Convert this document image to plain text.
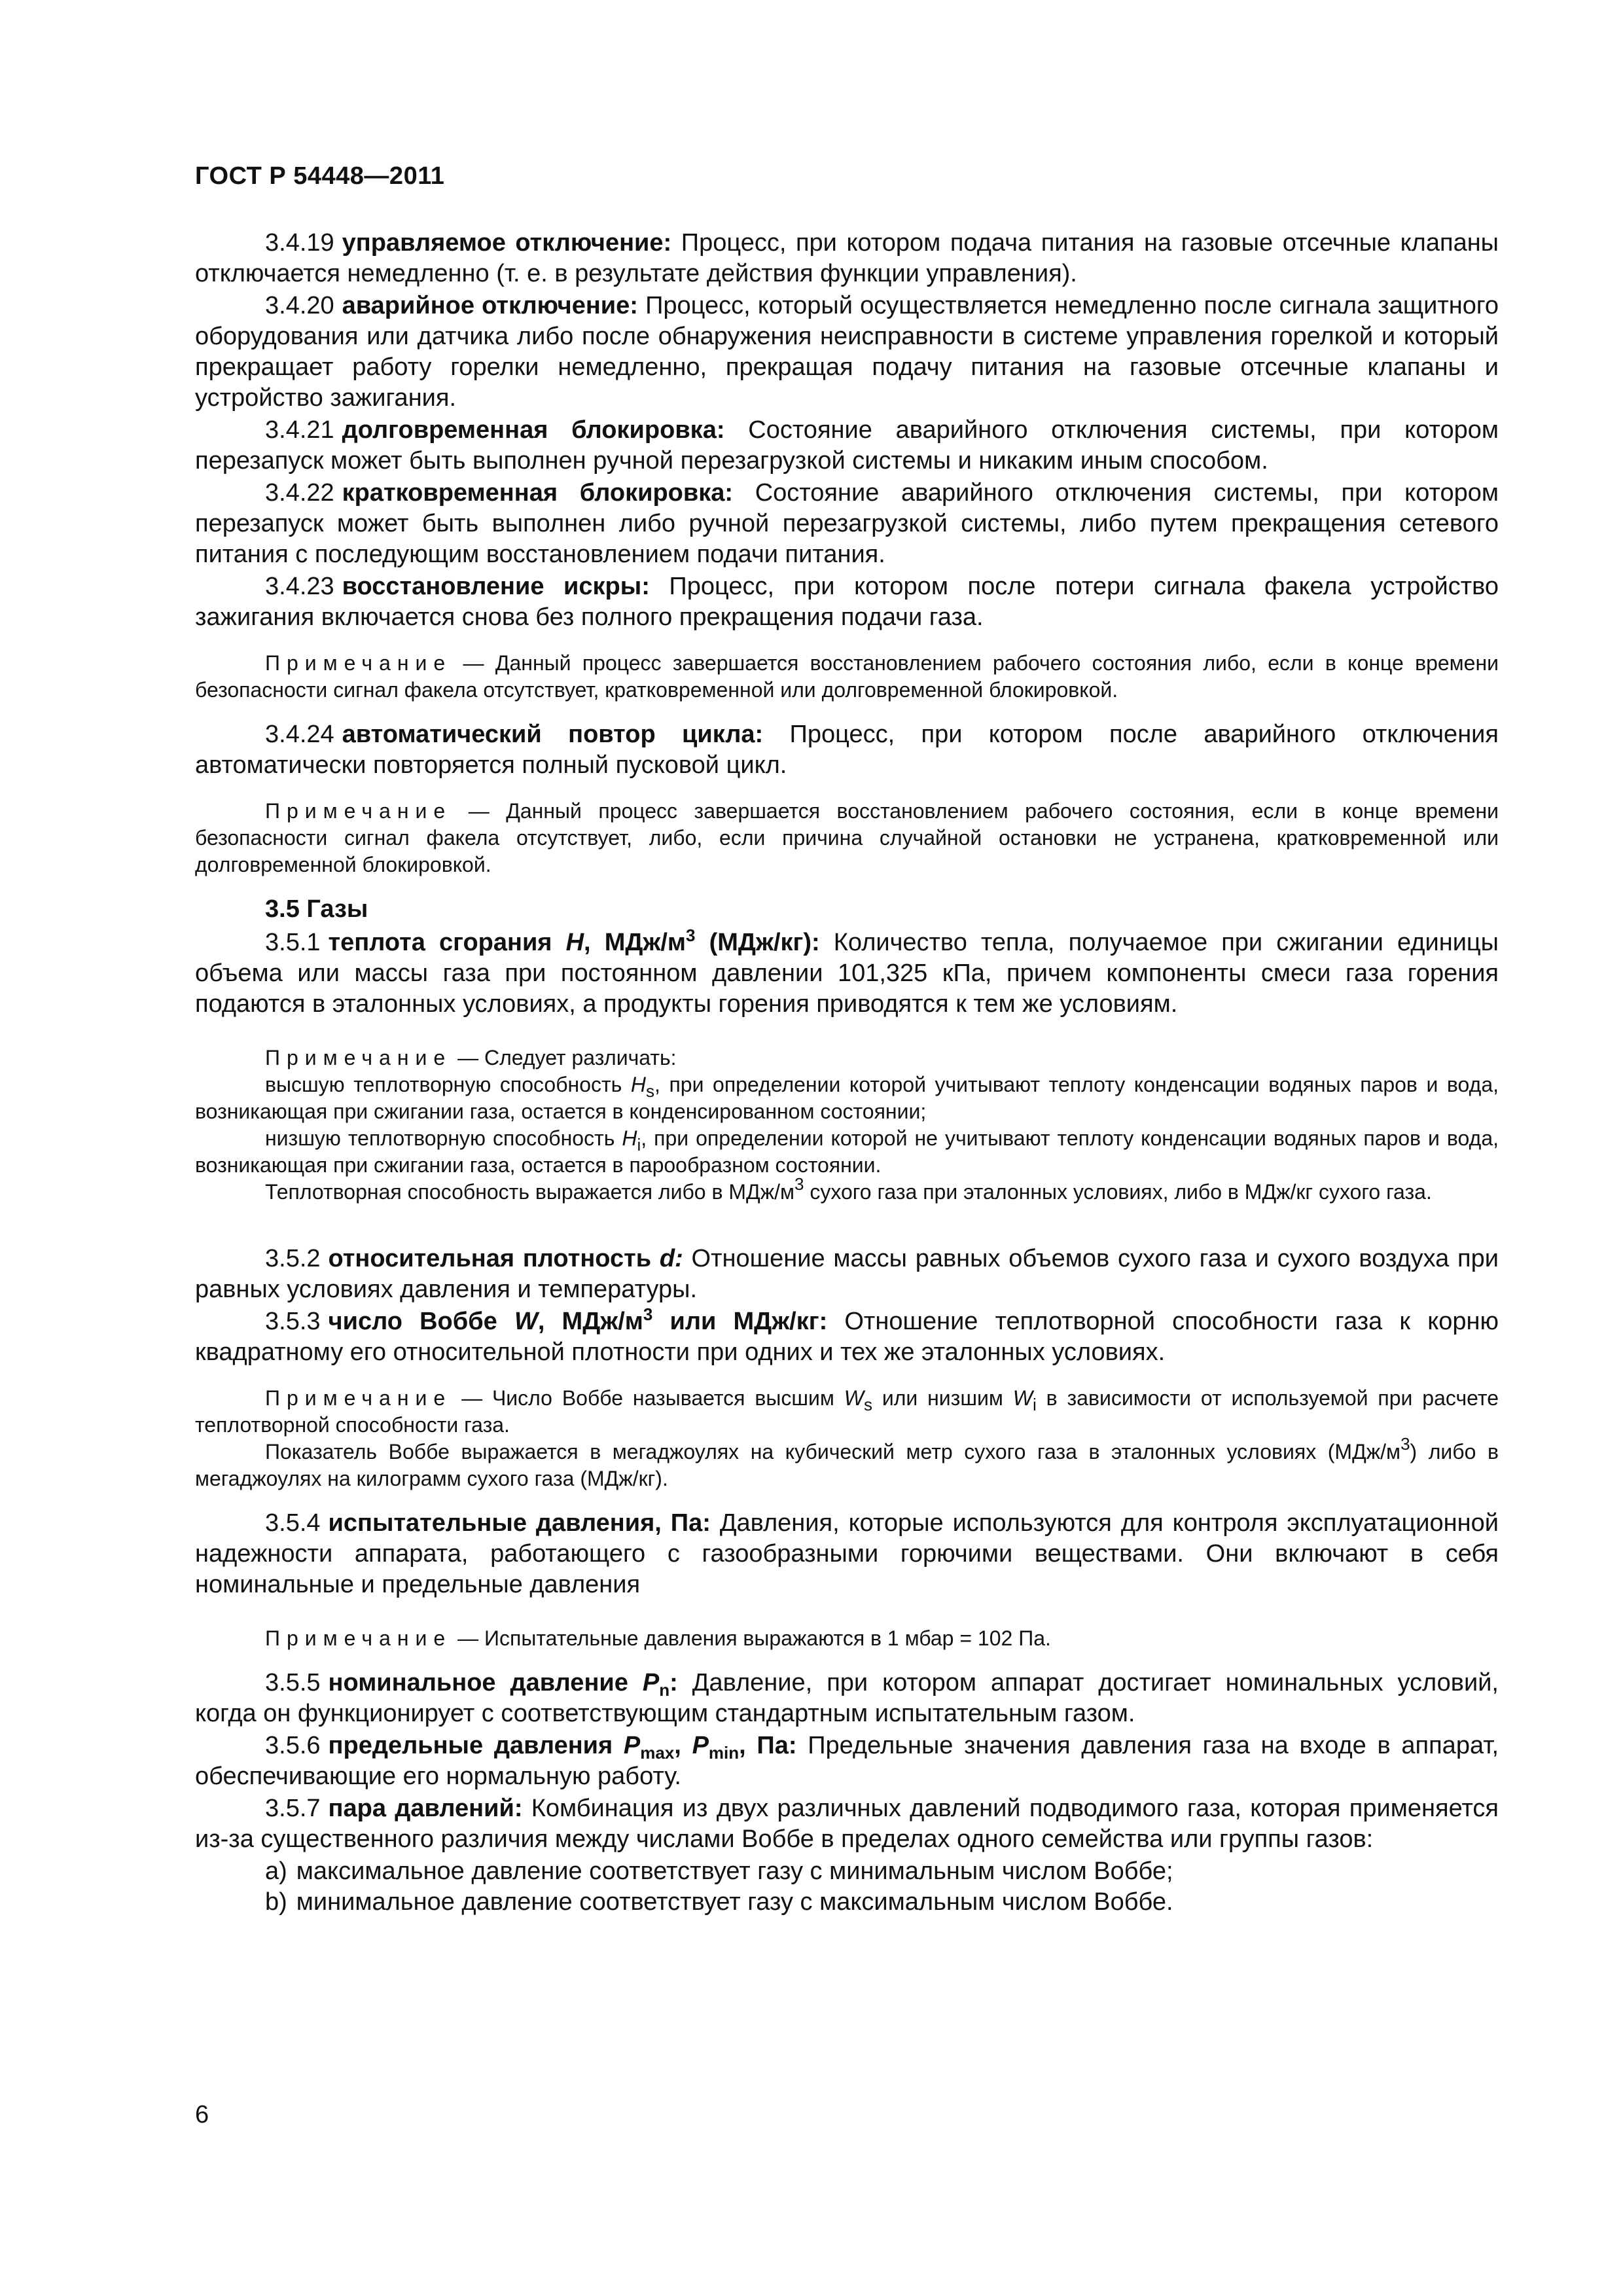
ГОСТ Р 54448—2011

3.4.19 управляемое отключение: Процесс, при котором подача питания на газовые отсечные клапаны отключается немедленно (т. е. в результате действия функции управления).

3.4.20 аварийное отключение: Процесс, который осуществляется немедленно после сигнала защитного оборудования или датчика либо после обнаружения неисправности в системе управления горелкой и который прекращает работу горелки немедленно, прекращая подачу питания на газовые отсечные клапаны и устройство зажигания.

3.4.21 долговременная блокировка: Состояние аварийного отключения системы, при котором перезапуск может быть выполнен ручной перезагрузкой системы и никаким иным способом.

3.4.22 кратковременная блокировка: Состояние аварийного отключения системы, при котором перезапуск может быть выполнен либо ручной перезагрузкой системы, либо путем прекращения сетевого питания с последующим восстановлением подачи питания.

3.4.23 восстановление искры: Процесс, при котором после потери сигнала факела устройство зажигания включается снова без полного прекращения подачи газа.

Примечание — Данный процесс завершается восстановлением рабочего состояния либо, если в конце времени безопасности сигнал факела отсутствует, кратковременной или долговременной блокировкой.

3.4.24 автоматический повтор цикла: Процесс, при котором после аварийного отключения автоматически повторяется полный пусковой цикл.

Примечание — Данный процесс завершается восстановлением рабочего состояния, если в конце времени безопасности сигнал факела отсутствует, либо, если причина случайной остановки не устранена, кратковременной или долговременной блокировкой.

3.5 Газы

3.5.1 теплота сгорания H, МДж/$м^3$ (МДж/кг): Количество тепла, получаемое при сжигании единицы объема или массы газа при постоянном давлении 101,325 кПа, причем компоненты смеси газа горения подаются в эталонных условиях, а продукты горения приводятся к тем же условиям.

Примечание — Следует различать:

высшую теплотворную способность $H_s$, при определении которой учитывают теплоту конденсации водяных паров и вода, возникающая при сжигании газа, остается в конденсированном состоянии;

низшую теплотворную способность $H_i$, при определении которой не учитывают теплоту конденсации водяных паров и вода, возникающая при сжигании газа, остается в парообразном состоянии.

Теплотворная способность выражается либо в МДж/$м^3$ сухого газа при эталонных условиях, либо в МДж/кг сухого газа.

3.5.2 относительная плотность d: Отношение массы равных объемов сухого газа и сухого воздуха при равных условиях давления и температуры.

3.5.3 число Воббе W, МДж/$м^3$ или МДж/кг: Отношение теплотворной способности газа к корню квадратному его относительной плотности при одних и тех же эталонных условиях.

Примечание — Число Воббе называется высшим $W_s$ или низшим $W_i$ в зависимости от используемой при расчете теплотворной способности газа.

Показатель Воббе выражается в мегаджоулях на кубический метр сухого газа в эталонных условиях $(МДж/м^3)$ либо в мегаджоулях на килограмм сухого газа (МДж/кг).

3.5.4 испытательные давления, Па: Давления, которые используются для контроля эксплуатационной надежности аппарата, работающего с газообразными горючими веществами. Они включают в себя номинальные и предельные давления

Примечание — Испытательные давления выражаются в 1 мбар = 102 Па.

3.5.5 номинальное давление $P_n$: Давление, при котором аппарат достигает номинальных условий, когда он функционирует с соответствующим стандартным испытательным газом.

3.5.6 предельные давления $P_{max}$, $P_{min}$, Па: Предельные значения давления газа на входе в аппарат, обеспечивающие его нормальную работу.

3.5.7 пара давлений: Комбинация из двух различных давлений подводимого газа, которая применяется из-за существенного различия между числами Воббе в пределах одного семейства или группы газов:

a) максимальное давление соответствует газу с минимальным числом Воббе;

b) минимальное давление соответствует газу с максимальным числом Воббе.

6
